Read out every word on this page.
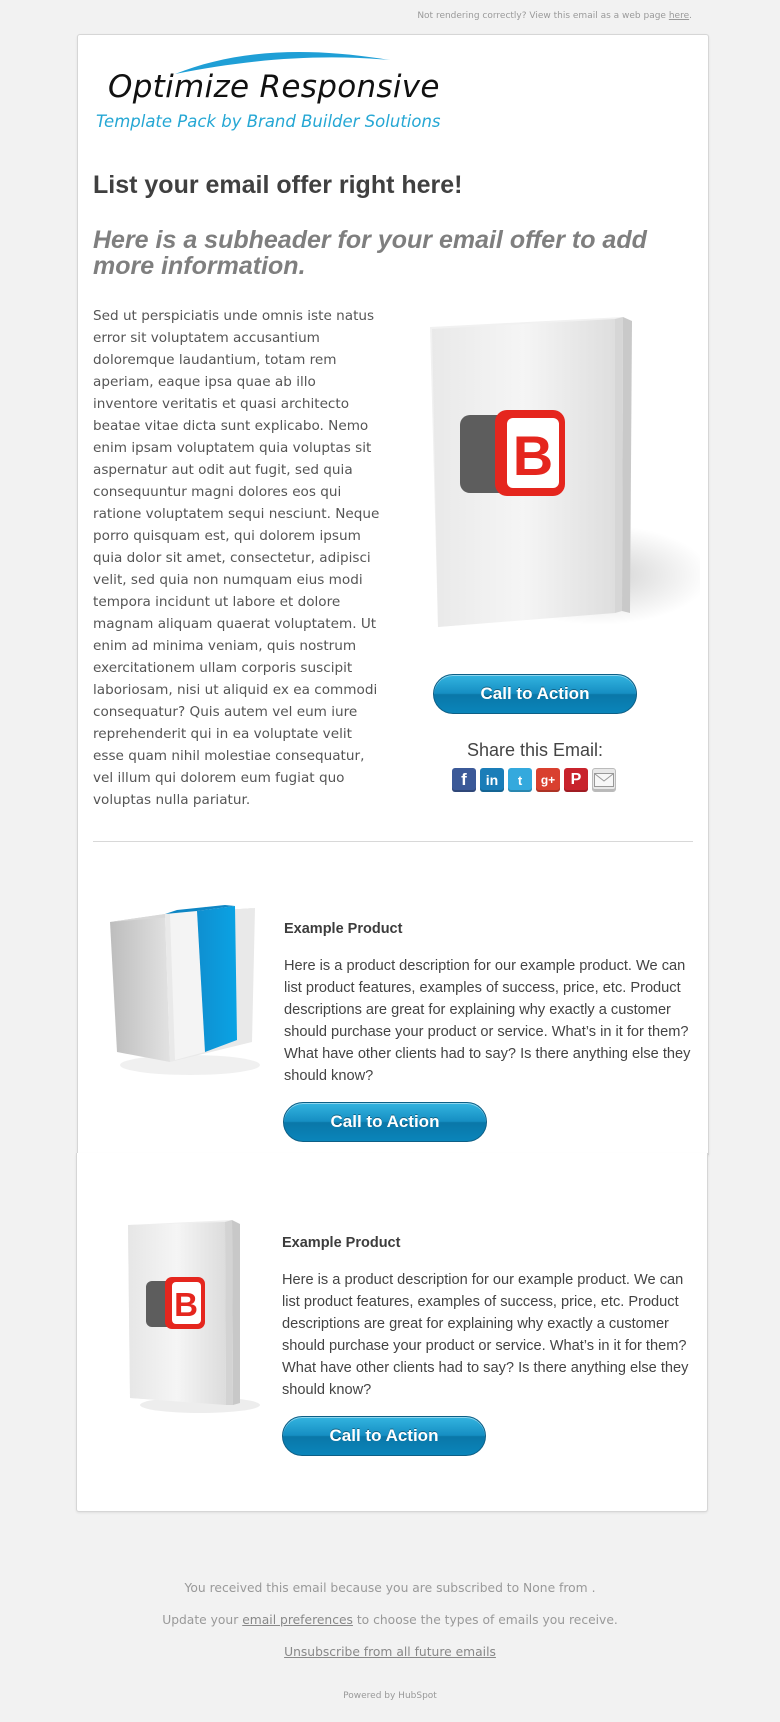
Not rendering correctly? View this email as a web page here.
Optimize Responsive
Template Pack by Brand Builder Solutions
List your email offer right here!
Here is a subheader for your email offer to add more information.

Sed ut perspiciatis unde omnis iste natus error sit voluptatem accusantium doloremque laudantium, totam rem aperiam, eaque ipsa quae ab illo inventore veritatis et quasi architecto beatae vitae dicta sunt explicabo. Nemo enim ipsam voluptatem quia voluptas sit aspernatur aut odit aut fugit, sed quia consequuntur magni dolores eos qui ratione voluptatem sequi nesciunt. Neque porro quisquam est, qui dolorem ipsum quia dolor sit amet, consectetur, adipisci velit, sed quia non numquam eius modi tempora incidunt ut labore et dolore magnam aliquam quaerat voluptatem. Ut enim ad minima veniam, quis nostrum exercitationem ullam corporis suscipit laboriosam, nisi ut aliquid ex ea commodi consequatur? Quis autem vel eum iure reprehenderit qui in ea voluptate velit esse quam nihil molestiae consequatur, vel illum qui dolorem eum fugiat quo voluptas nulla pariatur.

B
Call to Action
Share this Email:
f	in	t	g+ P
Example Product

Here is a product description for our example product. We can list product features, examples of success, price, etc. Product descriptions are great for explaining why exactly a customer should purchase your product or service. What’s in it for them? What have other clients had to say? Is there anything else they should know?

Call to Action
B
Example Product

Here is a product description for our example product. We can list product features, examples of success, price, etc. Product descriptions are great for explaining why exactly a customer should purchase your product or service. What’s in it for them? What have other clients had to say? Is there anything else they should know?

Call to Action
You received this email because you are subscribed to None from .
Update your email preferences to choose the types of emails you receive.
Unsubscribe from all future emails
Powered by HubSpot
